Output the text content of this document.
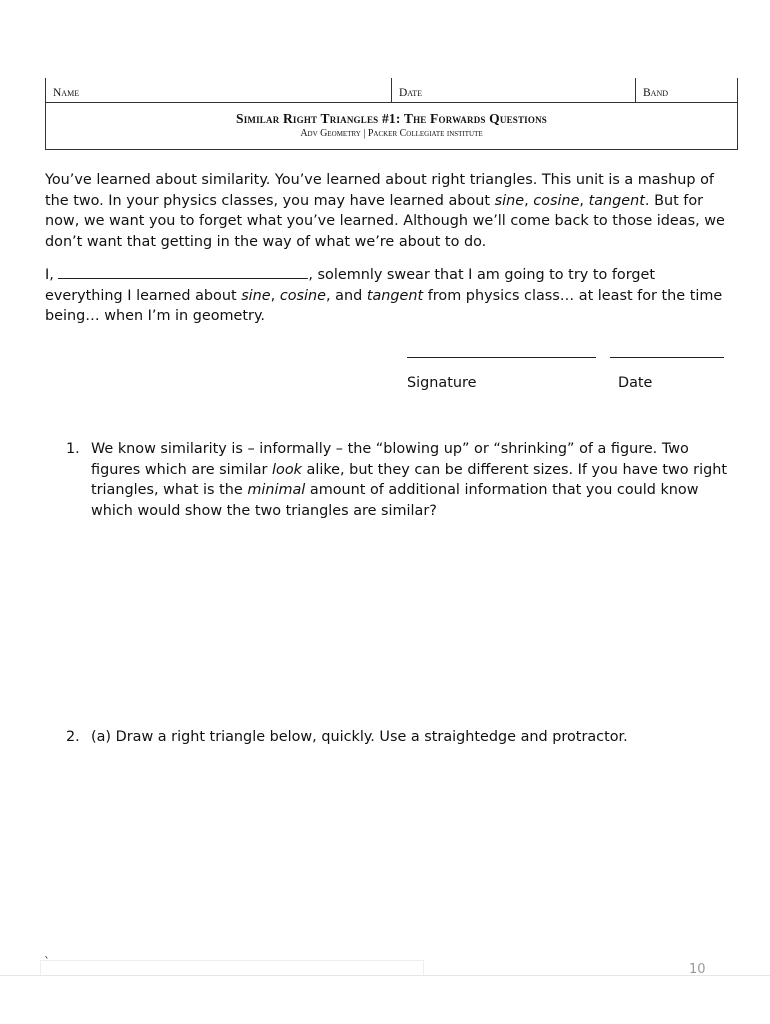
Name	Date	Band
Similar Right Triangles #1: The Forwards Questions
Adv Geometry | Packer Collegiate institute

You’ve learned about similarity. You’ve learned about right triangles. This unit is a mashup of the two. In your physics classes, you may have learned about sine, cosine, tangent. But for now, we want you to forget what you’ve learned. Although we’ll come back to those ideas, we don’t want that getting in the way of what we’re about to do.

I,	, solemnly swear that I am going to try to forget everything I learned about sine, cosine, and tangent from physics class… at least for the time being… when I’m in geometry.

Signature	Date
1. We know similarity is – informally – the “blowing up” or “shrinking” of a figure. Two figures which are similar look alike, but they can be different sizes. If you have two right triangles, what is the minimal amount of additional information that you could know which would show the two triangles are similar?
2. (a) Draw a right triangle below, quickly. Use a straightedge and protractor.
`	10
